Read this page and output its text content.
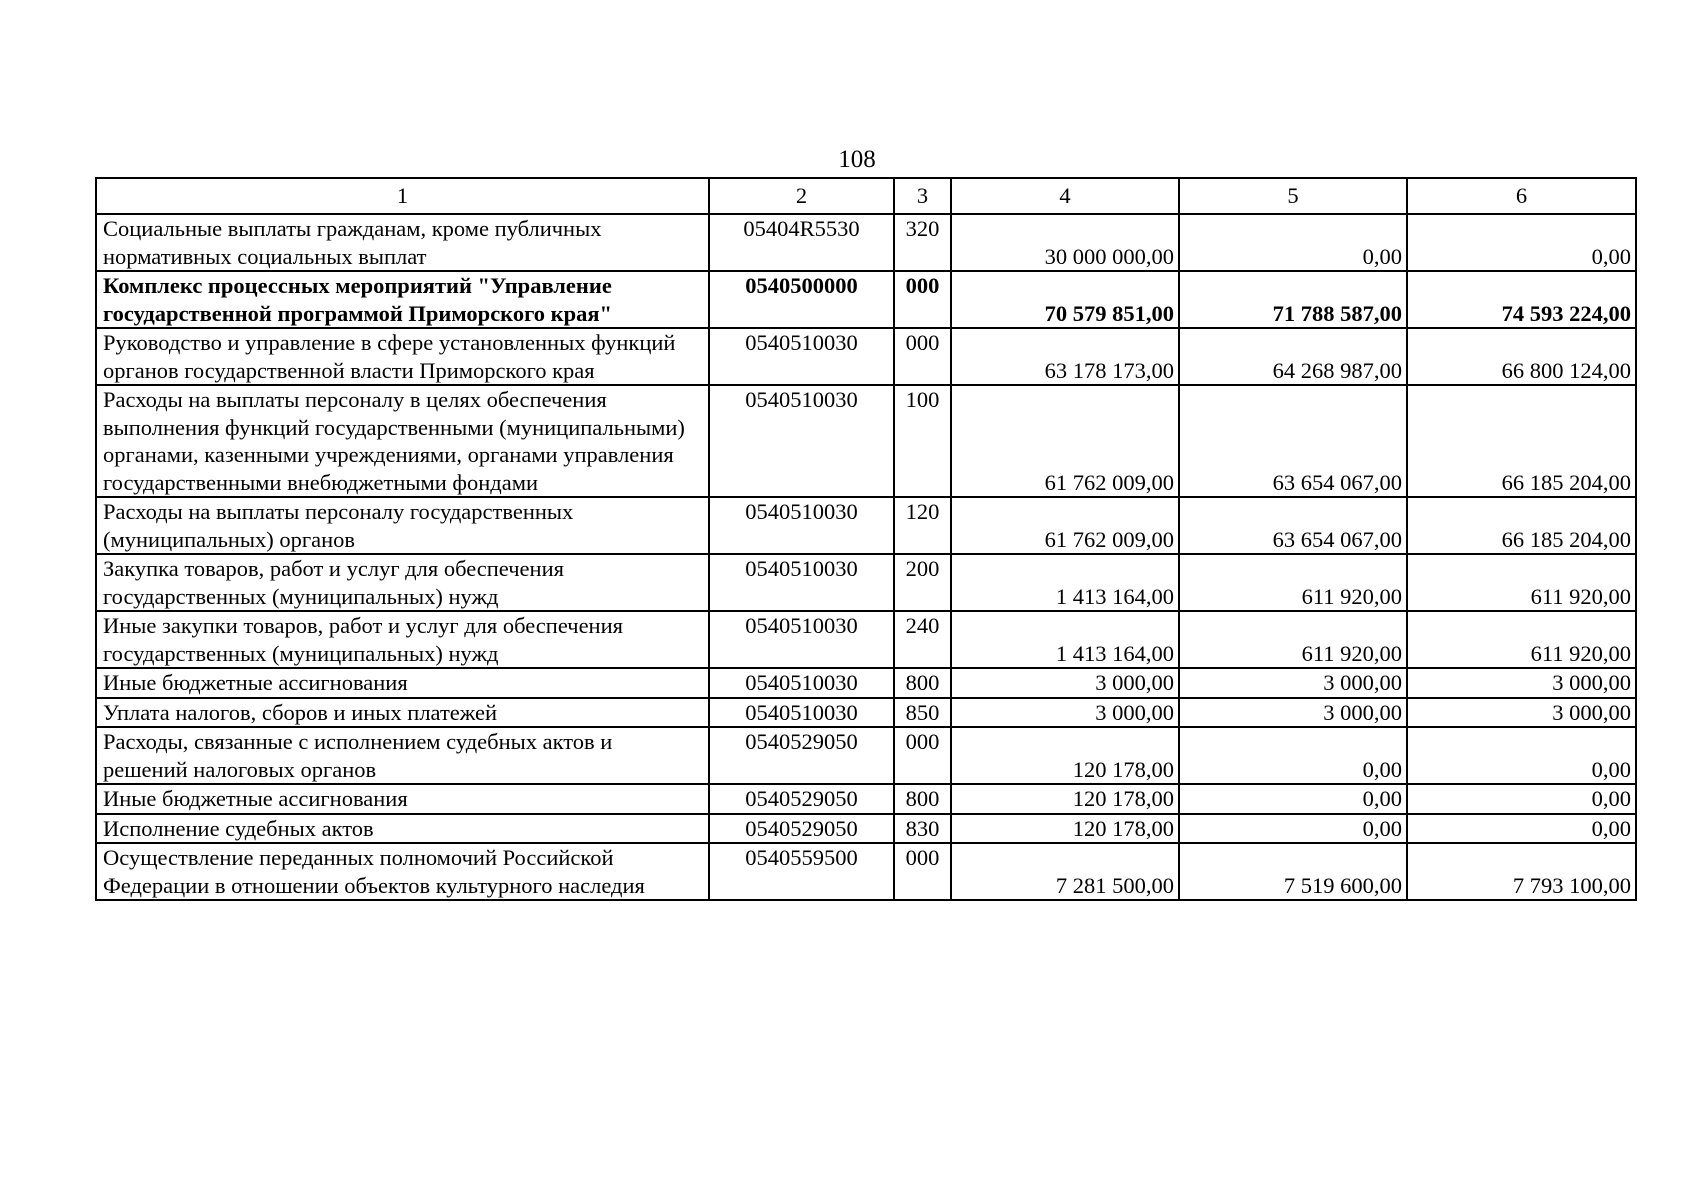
108
1	2	3	4	5	6
Социальные выплаты гражданам, кроме публичных нормативных социальных выплат	05404R5530	320	30 000 000,00	0,00	0,00
Комплекс процессных мероприятий "Управление государственной программой Приморского края"	0540500000	000	70 579 851,00	71 788 587,00	74 593 224,00
Руководство и управление в сфере установленных функций органов государственной власти Приморского края	0540510030	000	63 178 173,00	64 268 987,00	66 800 124,00
Расходы на выплаты персоналу в целях обеспечения выполнения функций государственными (муниципальными) органами, казенными учреждениями, органами управления государственными внебюджетными фондами	0540510030	100	61 762 009,00	63 654 067,00	66 185 204,00
Расходы на выплаты персоналу государственных (муниципальных) органов	0540510030	120	61 762 009,00	63 654 067,00	66 185 204,00
Закупка товаров, работ и услуг для обеспечения государственных (муниципальных) нужд	0540510030	200	1 413 164,00	611 920,00	611 920,00
Иные закупки товаров, работ и услуг для обеспечения государственных (муниципальных) нужд	0540510030	240	1 413 164,00	611 920,00	611 920,00
Иные бюджетные ассигнования	0540510030	800	3 000,00	3 000,00	3 000,00
Уплата налогов, сборов и иных платежей	0540510030	850	3 000,00	3 000,00	3 000,00
Расходы, связанные с исполнением судебных актов и решений налоговых органов	0540529050	000	120 178,00	0,00	0,00
Иные бюджетные ассигнования	0540529050	800	120 178,00	0,00	0,00
Исполнение судебных актов	0540529050	830	120 178,00	0,00	0,00
Осуществление переданных полномочий Российской Федерации в отношении объектов культурного наследия	0540559500	000	7 281 500,00	7 519 600,00	7 793 100,00
